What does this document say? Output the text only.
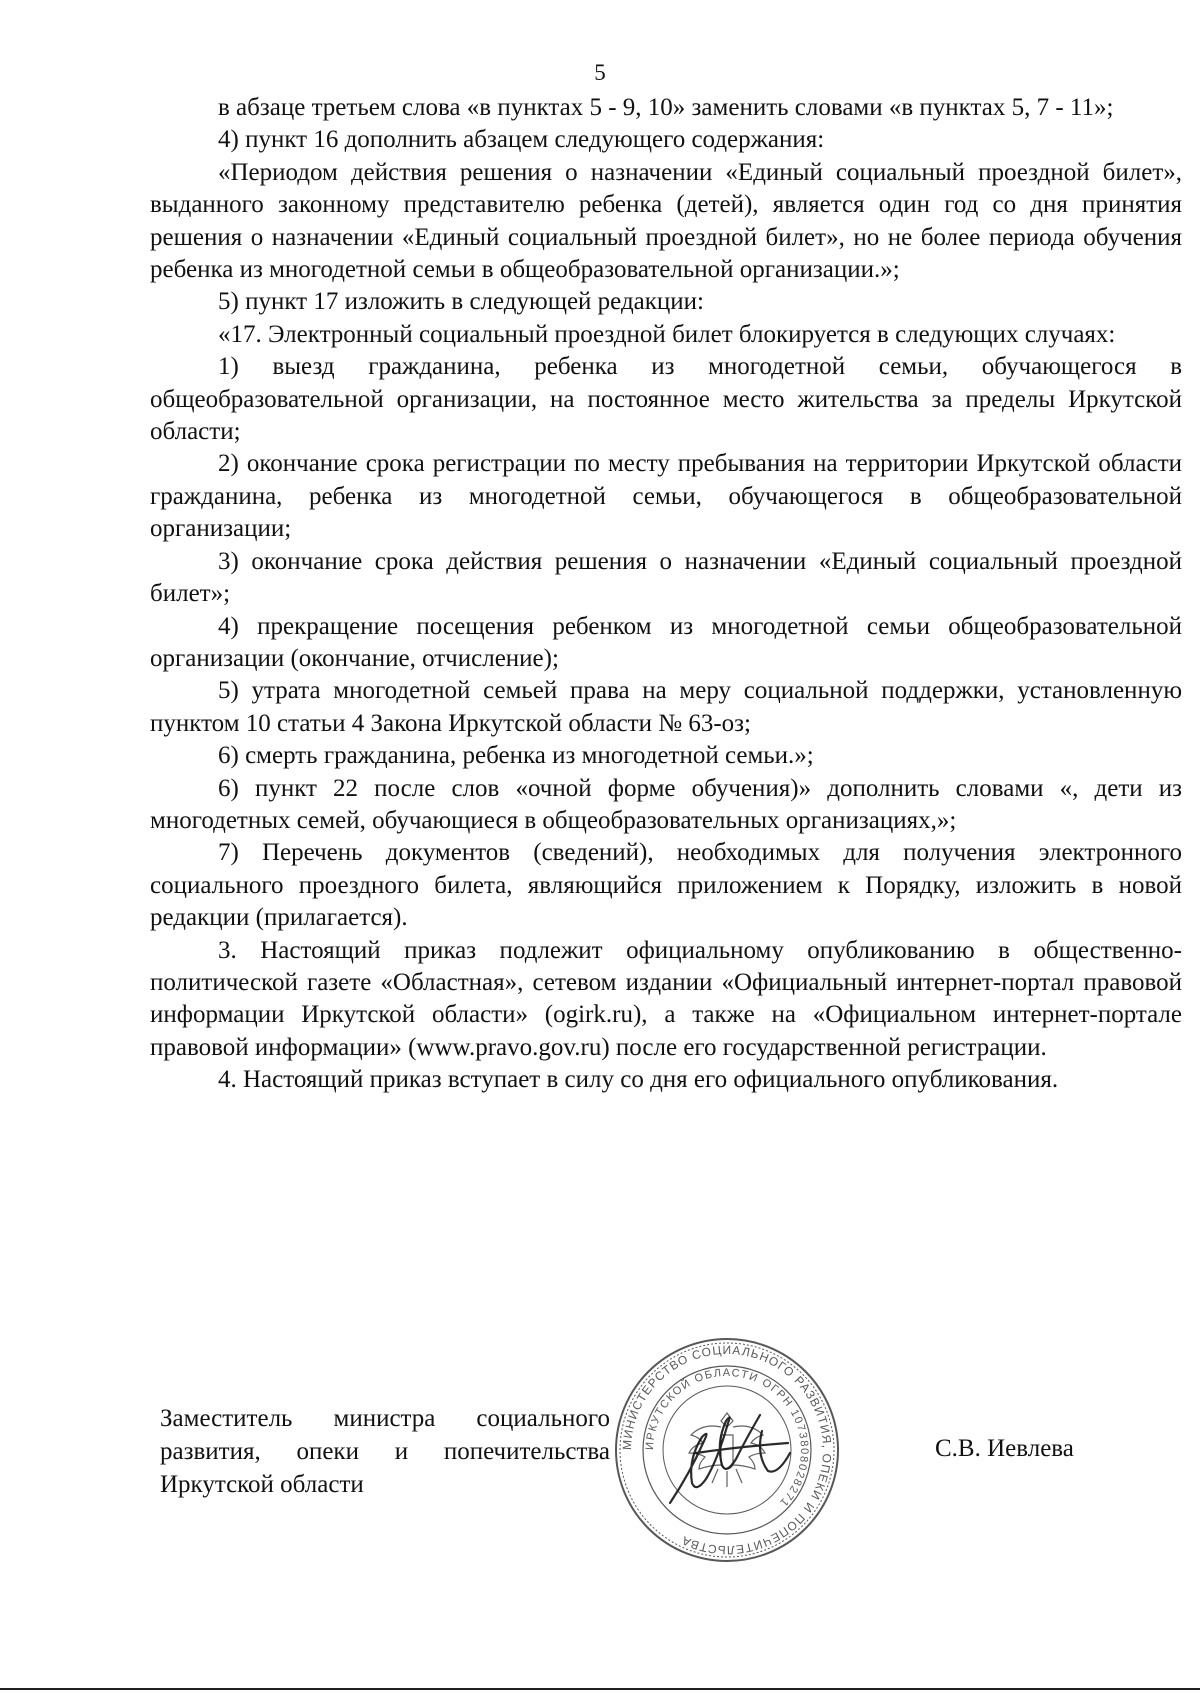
5

в абзаце третьем слова «в пунктах 5 - 9, 10» заменить словами «в пунктах 5, 7 - 11»;

4) пункт 16 дополнить абзацем следующего содержания:

«Периодом действия решения о назначении «Единый социальный проездной билет», выданного законному представителю ребенка (детей), является один год со дня принятия решения о назначении «Единый социальный проездной билет», но не более периода обучения ребенка из многодетной семьи в общеобразовательной организации.»;

5) пункт 17 изложить в следующей редакции:

«17. Электронный социальный проездной билет блокируется в следующих случаях:

1) выезд гражданина, ребенка из многодетной семьи, обучающегося в общеобразовательной организации, на постоянное место жительства за пределы Иркутской области;

2) окончание срока регистрации по месту пребывания на территории Иркутской области гражданина, ребенка из многодетной семьи, обучающегося в общеобразовательной организации;

3) окончание срока действия решения о назначении «Единый социальный проездной билет»;

4) прекращение посещения ребенком из многодетной семьи общеобразовательной организации (окончание, отчисление);

5) утрата многодетной семьей права на меру социальной поддержки, установленную пунктом 10 статьи 4 Закона Иркутской области № 63-оз;

6) смерть гражданина, ребенка из многодетной семьи.»;

6) пункт 22 после слов «очной форме обучения)» дополнить словами «, дети из многодетных семей, обучающиеся в общеобразовательных организациях,»;

7) Перечень документов (сведений), необходимых для получения электронного социального проездного билета, являющийся приложением к Порядку, изложить в новой редакции (прилагается).

3. Настоящий приказ подлежит официальному опубликованию в общественно-политической газете «Областная», сетевом издании «Официальный интернет-портал правовой информации Иркутской области» (ogirk.ru), а также на «Официальном интернет-портале правовой информации» (www.pravo.gov.ru) после его государственной регистрации.

4. Настоящий приказ вступает в силу со дня его официального опубликования.

Заместитель министра социального
развития, опеки и попечительства
Иркутской области
С.В. Иевлева
МИНИСТЕРСТВО СОЦИАЛЬНОГО РАЗВИТИЯ, ОПЕКИ И ПОПЕЧИТЕЛЬСТВА
ИРКУТСКОЙ ОБЛАСТИ ОГРН 1073808028271
